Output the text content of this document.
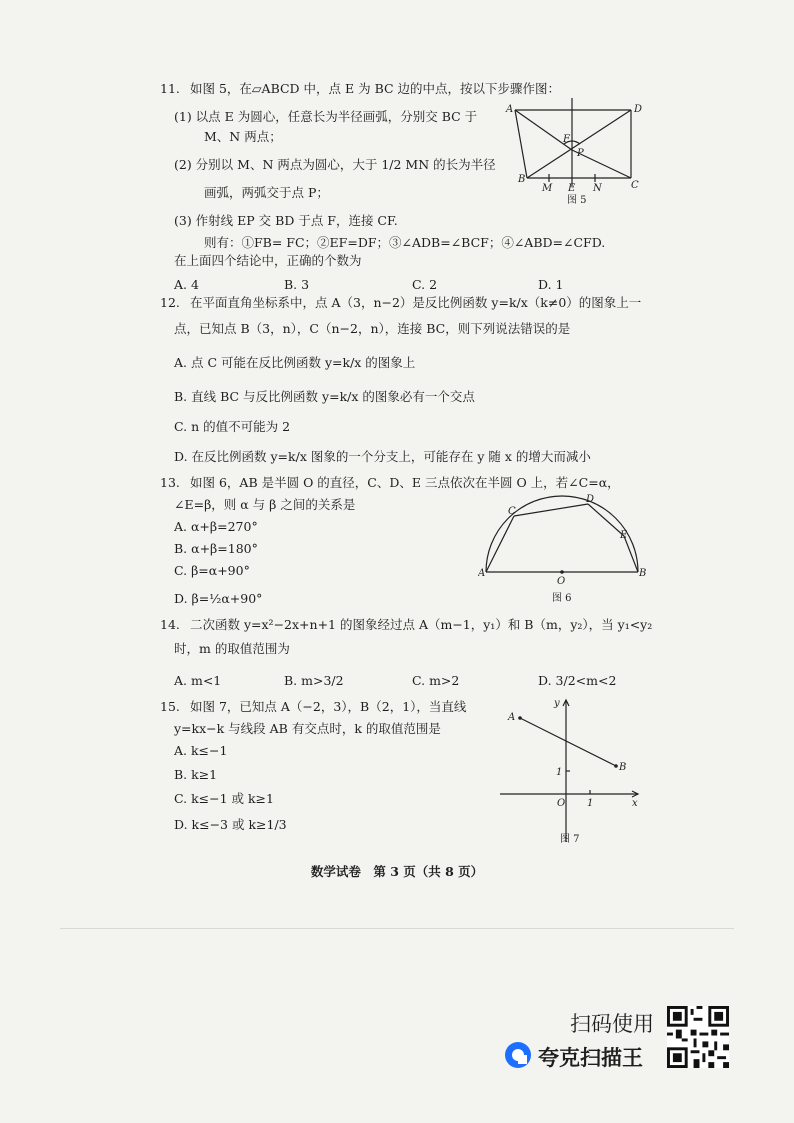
11. 如图 5，在▱ABCD 中，点 E 为 BC 边的中点，按以下步骤作图：
(1) 以点 E 为圆心，任意长为半径画弧，分别交 BC 于
M、N 两点；
(2) 分别以 M、N 两点为圆心，大于 1/2 MN 的长为半径
画弧，两弧交于点 P；
(3) 作射线 EP 交 BD 于点 F，连接 CF.
则有：①FB= FC；②EF=DF；③∠ADB=∠BCF；④∠ABD=∠CFD.
在上面四个结论中，正确的个数为
A. 4	B. 3	C. 2	D. 1
A	D
F
P
B
M E N	C
图 5
12. 在平面直角坐标系中，点 A（3，n−2）是反比例函数 y=k/x（k≠0）的图象上一
点，已知点 B（3，n），C（n−2，n），连接 BC，则下列说法错误的是
A. 点 C 可能在反比例函数 y=k/x 的图象上
B. 直线 BC 与反比例函数 y=k/x 的图象必有一个交点
C. n 的值不可能为 2
D. 在反比例函数 y=k/x 图象的一个分支上，可能存在 y 随 x 的增大而减小
13. 如图 6，AB 是半圆 O 的直径，C、D、E 三点依次在半圆 O 上，若∠C=α，
∠E=β，则 α 与 β 之间的关系是
A. α+β=270°
B. α+β=180°
C. β=α+90°
D. β=½α+90°
C
D
E
A
O
B
图 6
14. 二次函数 y=x²−2x+n+1 的图象经过点 A（m−1，y₁）和 B（m，y₂），当 y₁<y₂
时，m 的取值范围为
A. m<1	B. m>3/2	C. m>2	D. 3/2<m<2
15. 如图 7，已知点 A（−2，3），B（2，1），当直线
y=kx−k 与线段 AB 有交点时，k 的取值范围是
A. k≤−1
B. k≥1
C. k≤−1 或 k≥1
D. k≤−3 或 k≥1/3
y
A
1	B
O 1	x
图 7
数学试卷　第 3 页（共 8 页）
扫码使用
夸克扫描王
